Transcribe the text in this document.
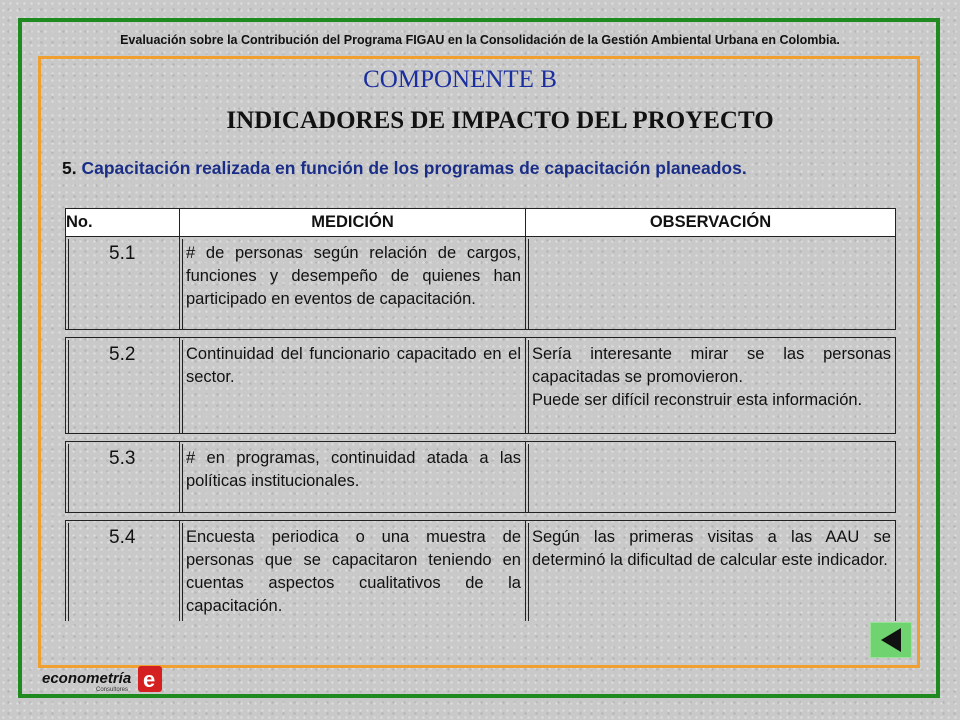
Evaluación sobre la Contribución del Programa FIGAU en la Consolidación de la Gestión Ambiental Urbana en Colombia.
COMPONENTE B
INDICADORES DE IMPACTO DEL PROYECTO
5. Capacitación realizada en función de los programas de capacitación planeados.
No.	MEDICIÓN	OBSERVACIÓN

5.1	# de personas según relación de cargos, funciones y desempeño de quienes han participado en eventos de capacitación.	

5.2	Continuidad del funcionario capacitado en el sector.	Sería interesante mirar se las personas capacitadas se promovieron.
Puede ser difícil reconstruir esta información.

5.3	# en programas, continuidad atada a las políticas institucionales.	

5.4	Encuesta periodica o una muestra de personas que se capacitaron teniendo en cuentas aspectos cualitativos de la capacitación.	Según las primeras visitas a las AAU se determinó la dificultad de calcular este indicador.
econometría
Consultores e
